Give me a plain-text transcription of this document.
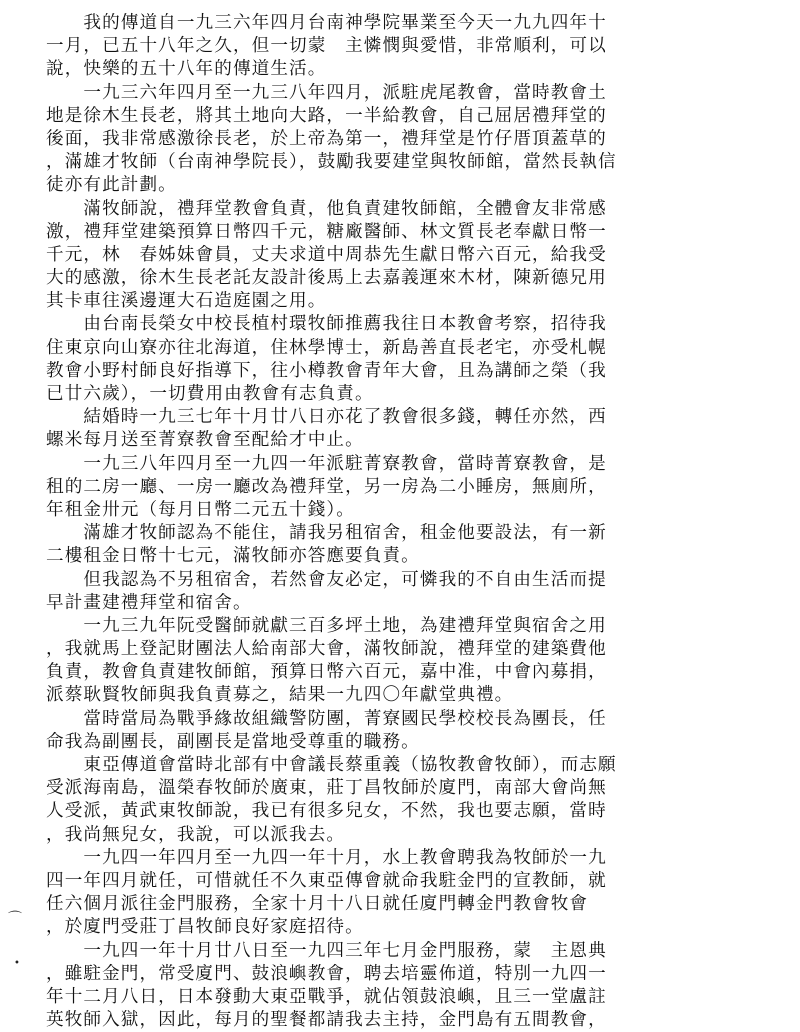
　　我的傳道自一九三六年四月台南神學院畢業至今天一九九四年十
一月，已五十八年之久，但一切蒙　主憐憫與愛惜，非常順利，可以
說，快樂的五十八年的傳道生活。
　　一九三六年四月至一九三八年四月，派駐虎尾教會，當時教會土
地是徐木生長老，將其土地向大路，一半給教會，自己屈居禮拜堂的
後面，我非常感激徐長老，於上帝為第一，禮拜堂是竹仔厝頂蓋草的
，滿雄才牧師（台南神學院長），鼓勵我要建堂與牧師館，當然長執信
徒亦有此計劃。
　　滿牧師說，禮拜堂教會負責，他負責建牧師館，全體會友非常感
激，禮拜堂建築預算日幣四千元，糖廠醫師、林文質長老奉獻日幣一
千元，林　春姊妹會員，丈夫求道中周恭先生獻日幣六百元，給我受
大的感激，徐木生長老託友設計後馬上去嘉義運來木材，陳新德兄用
其卡車往溪邊運大石造庭園之用。
　　由台南長榮女中校長植村環牧師推薦我往日本教會考察，招待我
住東京向山寮亦往北海道，住林學博士，新島善直長老宅，亦受札幌
教會小野村師良好指導下，往小樽教會青年大會，且為講師之榮（我
已廿六歲），一切費用由教會有志負責。
　　結婚時一九三七年十月廿八日亦花了教會很多錢，轉任亦然，西
螺米每月送至菁寮教會至配給才中止。
　　一九三八年四月至一九四一年派駐菁寮教會，當時菁寮教會，是
租的二房一廳、一房一廳改為禮拜堂，另一房為二小睡房，無廁所，
年租金卅元（每月日幣二元五十錢）。
　　滿雄才牧師認為不能住，請我另租宿舍，租金他要設法，有一新
二樓租金日幣十七元，滿牧師亦答應要負責。
　　但我認為不另租宿舍，若然會友必定，可憐我的不自由生活而提
早計畫建禮拜堂和宿舍。
　　一九三九年阮受醫師就獻三百多坪土地，為建禮拜堂與宿舍之用
，我就馬上登記財團法人給南部大會，滿牧師說，禮拜堂的建築費他
負責，教會負責建牧師館，預算日幣六百元，嘉中准，中會內募捐，
派蔡耿賢牧師與我負責募之，結果一九四〇年獻堂典禮。
　　當時當局為戰爭緣故組織警防團，菁寮國民學校校長為團長，任
命我為副團長，副團長是當地受尊重的職務。
　　東亞傳道會當時北部有中會議長蔡重義（協牧教會牧師），而志願
受派海南島，溫榮春牧師於廣東，莊丁昌牧師於廈門，南部大會尚無
人受派，黃武東牧師說，我已有很多兒女，不然，我也要志願，當時
，我尚無兒女，我說，可以派我去。
　　一九四一年四月至一九四一年十月，水上教會聘我為牧師於一九
四一年四月就任，可惜就任不久東亞傳會就命我駐金門的宣教師，就
任六個月派往金門服務，全家十月十八日就任廈門轉金門教會牧會
，於廈門受莊丁昌牧師良好家庭招待。
　　一九四一年十月廿八日至一九四三年七月金門服務，蒙　主恩典
，雖駐金門，常受廈門、鼓浪嶼教會，聘去培靈佈道，特別一九四一
年十二月八日，日本發動大東亞戰爭，就佔領鼓浪嶼，且三一堂盧註
英牧師入獄，因此，每月的聖餐都請我去主持，金門島有五間教會，
⌒
•
